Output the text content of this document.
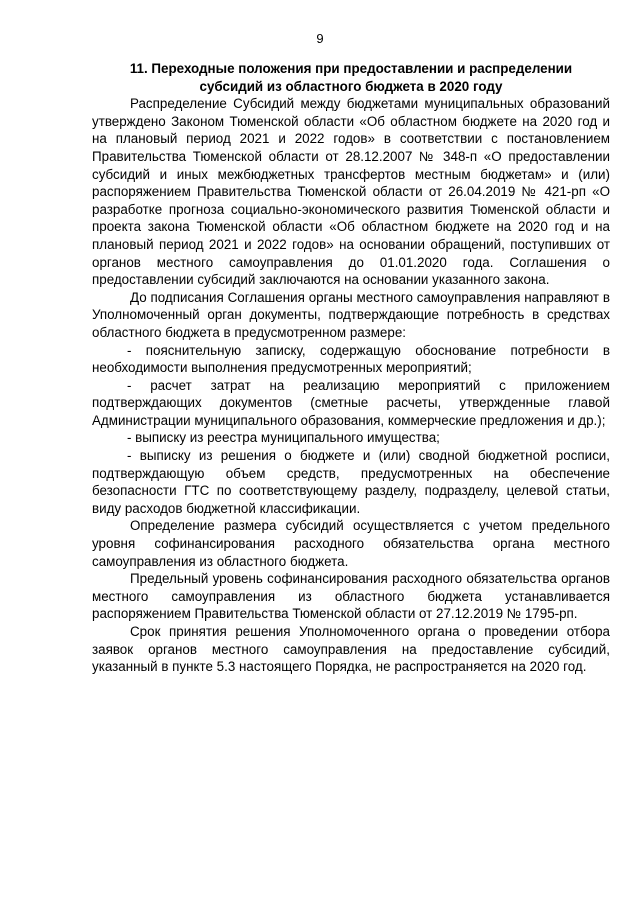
9

11. Переходные положения при предоставлении и распределении
субсидий из областного бюджета в 2020 году

Распределение Субсидий между бюджетами муниципальных образований утверждено Законом Тюменской области «Об областном бюджете на 2020 год и на плановый период 2021 и 2022 годов» в соответствии с постановлением Правительства Тюменской области от 28.12.2007 № 348-п «О предоставлении субсидий и иных межбюджетных трансфертов местным бюджетам» и (или) распоряжением Правительства Тюменской области от 26.04.2019 № 421-рп «О разработке прогноза социально-экономического развития Тюменской области и проекта закона Тюменской области «Об областном бюджете на 2020 год и на плановый период 2021 и 2022 годов» на основании обращений, поступивших от органов местного самоуправления до 01.01.2020 года. Соглашения о предоставлении субсидий заключаются на основании указанного закона.

До подписания Соглашения органы местного самоуправления направляют в Уполномоченный орган документы, подтверждающие потребность в средствах областного бюджета в предусмотренном размере:

- пояснительную записку, содержащую обоснование потребности в необходимости выполнения предусмотренных мероприятий;

- расчет затрат на реализацию мероприятий с приложением подтверждающих документов (сметные расчеты, утвержденные главой Администрации муниципального образования, коммерческие предложения и др.);

- выписку из реестра муниципального имущества;

- выписку из решения о бюджете и (или) сводной бюджетной росписи, подтверждающую объем средств, предусмотренных на обеспечение безопасности ГТС по соответствующему разделу, подразделу, целевой статьи, виду расходов бюджетной классификации.

Определение размера субсидий осуществляется с учетом предельного уровня софинансирования расходного обязательства органа местного самоуправления из областного бюджета.

Предельный уровень софинансирования расходного обязательства органов местного самоуправления из областного бюджета устанавливается распоряжением Правительства Тюменской области от 27.12.2019 № 1795-рп.

Срок принятия решения Уполномоченного органа о проведении отбора заявок органов местного самоуправления на предоставление субсидий, указанный в пункте 5.3 настоящего Порядка, не распространяется на 2020 год.
